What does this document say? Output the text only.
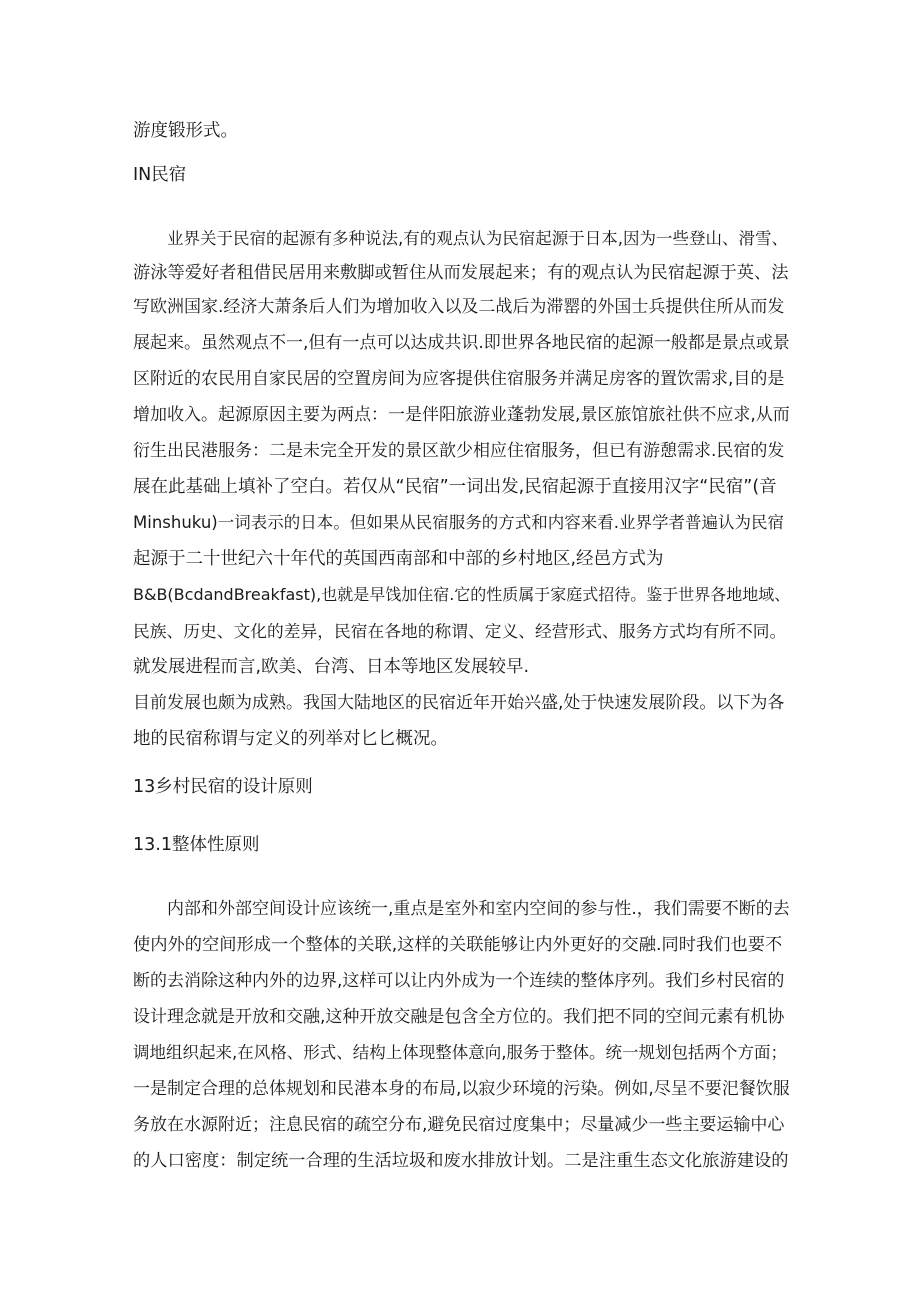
游度锻形式。
IN民宿
业界关于民宿的起源有多种说法,有的观点认为民宿起源于日本,因为一些登山、滑雪、
游泳等爱好者租借民居用来敷脚或暂住从而发展起来；有的观点认为民宿起源于英、法
写欧洲国家.经济大萧条后人们为增加收入以及二战后为滞罂的外国士兵提供住所从而发
展起来。虽然观点不一,但有一点可以达成共识.即世界各地民宿的起源一般都是景点或景
区附近的农民用自家民居的空置房间为应客提供住宿服务并满足房客的置饮需求,目的是
增加收入。起源原因主要为两点：一是伴阳旅游业蓬勃发展,景区旅馆旅社供不应求,从而
衍生出民港服务：二是未完全开发的景区歆少相应住宿服务，但已有游憩需求.民宿的发
展在此基础上填补了空白。若仅从“民宿”一词出发,民宿起源于直接用汉字“民宿”(音
Minshuku)一词表示的日本。但如果从民宿服务的方式和内容来看.业界学者普遍认为民宿
起源于二十世纪六十年代的英国西南部和中部的乡村地区,经邑方式为
B&B(BcdandBreakfast),也就是早饯加住宿.它的性质属于家庭式招待。鉴于世界各地地域、
民族、历史、文化的差异，民宿在各地的称谓、定义、经营形式、服务方式均有所不同。
就发展进程而言,欧美、台湾、日本等地区发展较早.
目前发展也颇为成熟。我国大陆地区的民宿近年开始兴盛,处于快速发展阶段。以下为各
地的民宿称谓与定义的列举对匕匕概况。
13乡村民宿的设计原则
13.1整体性原则
内部和外部空间设计应该统一,重点是室外和室内空间的参与性.，我们需要不断的去
使内外的空间形成一个整体的关联,这样的关联能够让内外更好的交融.同时我们也要不
断的去消除这种内外的边界,这样可以让内外成为一个连续的整体序列。我们乡村民宿的
设计理念就是开放和交融,这种开放交融是包含全方位的。我们把不同的空间元素有机协
调地组织起来,在风格、形式、结构上体现整体意向,服务于整体。统一规划包括两个方面；
一是制定合理的总体规划和民港本身的布局,以寂少环境的污染。例如,尽呈不要汜餐饮服
务放在水源附近；注息民宿的疏空分布,避免民宿过度集中；尽量减少一些主要运输中心
的人口密度：制定统一合理的生活垃圾和废水排放计划。二是注重生态文化旅游建设的
